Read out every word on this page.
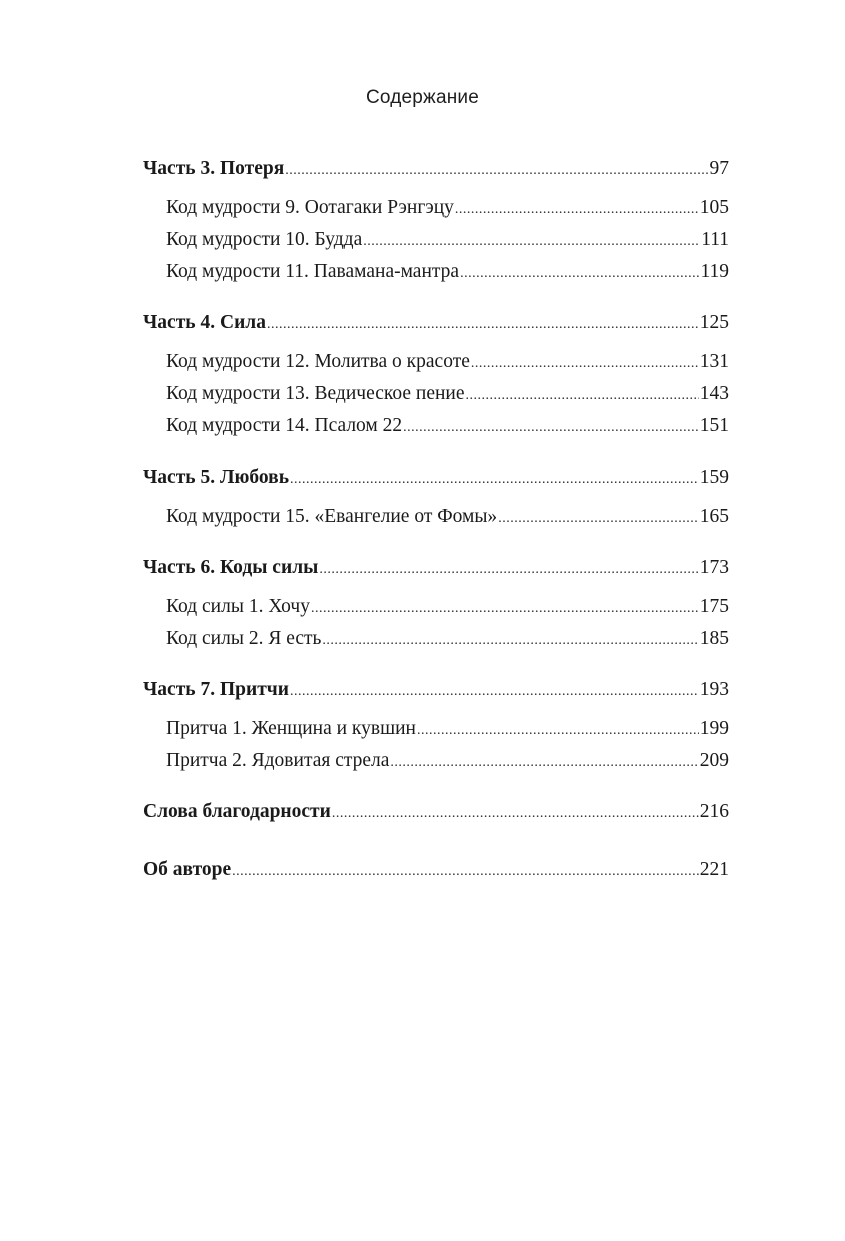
Содержание
Часть 3. Потеря .....	97
Код мудрости 9. Оотагаки Рэнгэцу .....	105
Код мудрости 10. Будда .....	111
Код мудрости 11. Павамана-мантра .....	119
Часть 4. Сила .....	125
Код мудрости 12. Молитва о красоте .....	131
Код мудрости 13. Ведическое пение .....	143
Код мудрости 14. Псалом 22 .....	151
Часть 5. Любовь .....	159
Код мудрости 15. «Евангелие от Фомы» .....	165
Часть 6. Коды силы .....	173
Код силы 1. Хочу .....	175
Код силы 2. Я есть .....	185
Часть 7. Притчи .....	193
Притча 1. Женщина и кувшин .....	199
Притча 2. Ядовитая стрела .....	209
Слова благодарности .....	216
Об авторе .....	221
